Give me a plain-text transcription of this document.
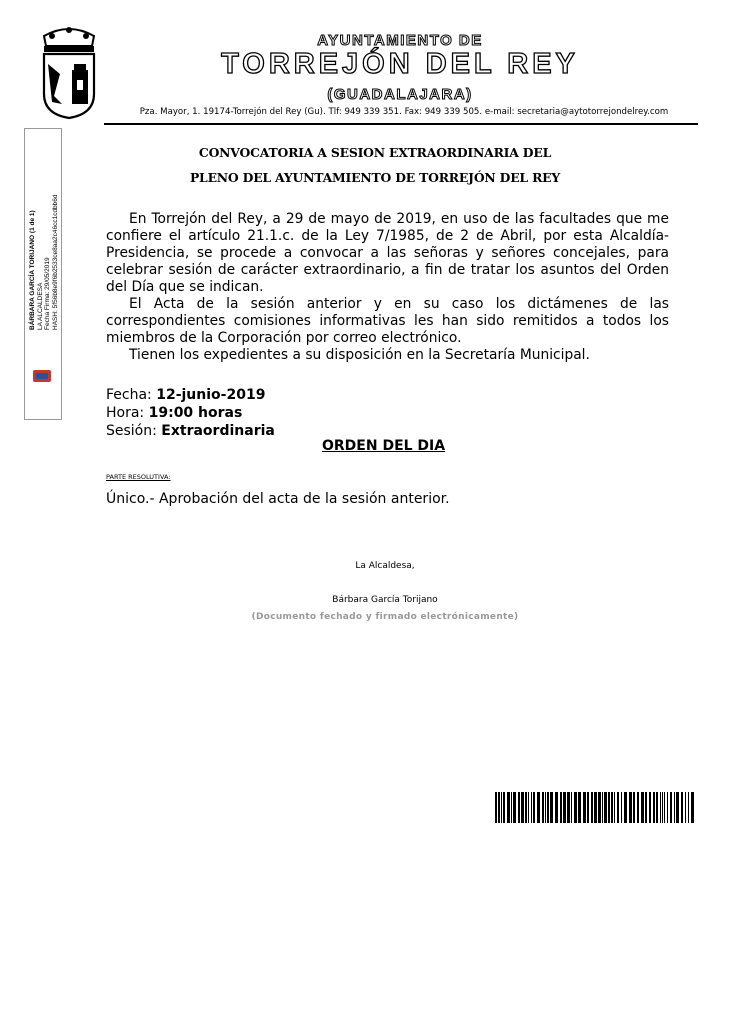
AYUNTAMIENTO DE
TORREJÓN DEL REY
(GUADALAJARA)
Pza. Mayor, 1. 19174-Torrejón del Rey (Gu). Tlf: 949 339 351. Fax: 949 339 505. e-mail: secretaria@aytotorrejondelrey.com
BÁRBARA GARCÍA TORIJANO (1 de 1) LA ALCALDESA Fecha Firma: 29/05/2019 HASH: 5f56b8e9f6b2533ce8aa2c46cc1cdbb6d
CONVOCATORIA A SESION EXTRAORDINARIA DEL
PLENO DEL AYUNTAMIENTO DE TORREJÓN DEL REY

En Torrejón del Rey, a 29 de mayo de 2019, en uso de las facultades que me confiere el artículo 21.1.c. de la Ley 7/1985, de 2 de Abril, por esta Alcaldía-Presidencia, se procede a convocar a las señoras y señores concejales, para celebrar sesión de carácter extraordinario, a fin de tratar los asuntos del Orden del Día que se indican.

El Acta de la sesión anterior y en su caso los dictámenes de las correspondientes comisiones informativas les han sido remitidos a todos los miembros de la Corporación por correo electrónico.

Tienen los expedientes a su disposición en la Secretaría Municipal.

Fecha: 12-junio-2019
Hora: 19:00 horas
Sesión: Extraordinaria
ORDEN DEL DIA
PARTE RESOLUTIVA:
Único.- Aprobación del acta de la sesión anterior.
La Alcaldesa,
Bárbara García Torijano
(Documento fechado y firmado electrónicamente)
